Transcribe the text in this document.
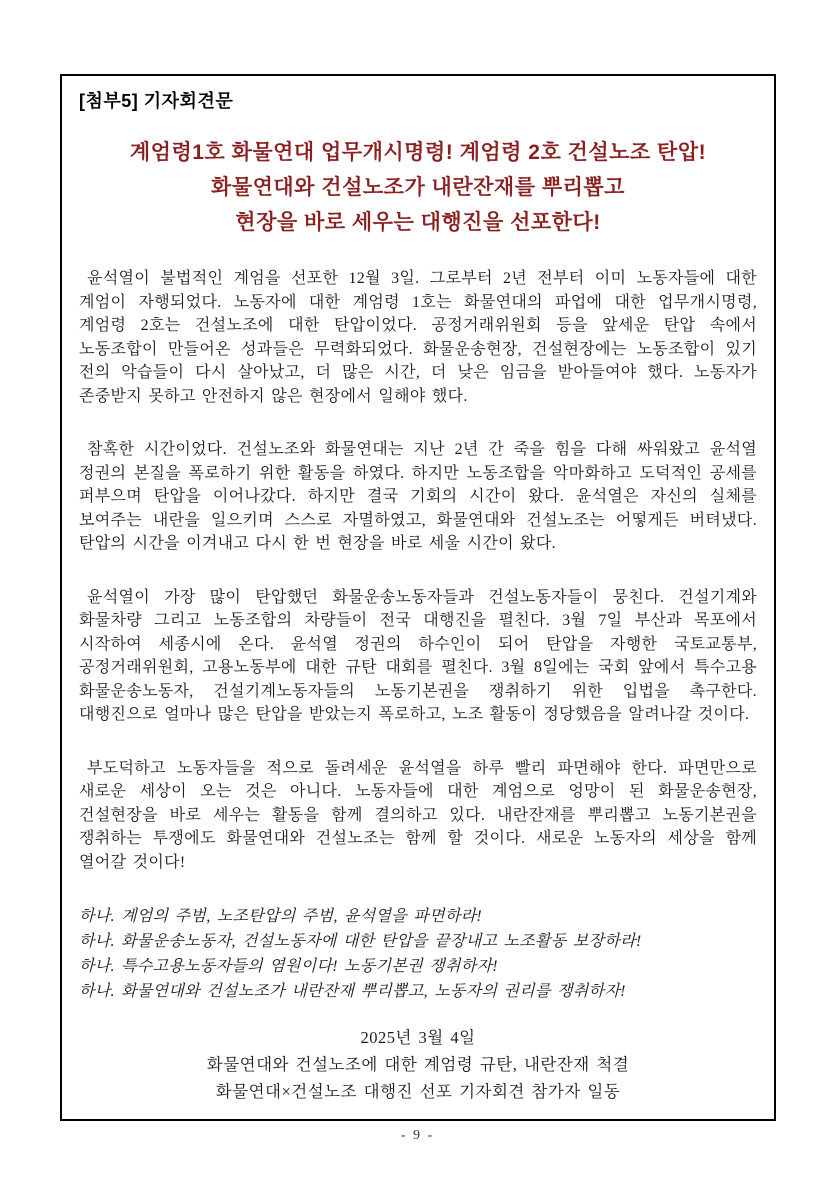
[첨부5] 기자회견문
계엄령1호 화물연대 업무개시명령! 계엄령 2호 건설노조 탄압!
화물연대와 건설노조가 내란잔재를 뿌리뽑고
현장을 바로 세우는 대행진을 선포한다!

윤석열이 불법적인 계엄을 선포한 12월 3일. 그로부터 2년 전부터 이미 노동자들에 대한 계엄이 자행되었다. 노동자에 대한 계엄령 1호는 화물연대의 파업에 대한 업무개시명령, 계엄령 2호는 건설노조에 대한 탄압이었다. 공정거래위원회 등을 앞세운 탄압 속에서 노동조합이 만들어온 성과들은 무력화되었다. 화물운송현장, 건설현장에는 노동조합이 있기 전의 악습들이 다시 살아났고, 더 많은 시간, 더 낮은 임금을 받아들여야 했다. 노동자가 존중받지 못하고 안전하지 않은 현장에서 일해야 했다.

참혹한 시간이었다. 건설노조와 화물연대는 지난 2년 간 죽을 힘을 다해 싸워왔고 윤석열 정권의 본질을 폭로하기 위한 활동을 하였다. 하지만 노동조합을 악마화하고 도덕적인 공세를 퍼부으며 탄압을 이어나갔다. 하지만 결국 기회의 시간이 왔다. 윤석열은 자신의 실체를 보여주는 내란을 일으키며 스스로 자멸하였고, 화물연대와 건설노조는 어떻게든 버텨냈다. 탄압의 시간을 이겨내고 다시 한 번 현장을 바로 세울 시간이 왔다.

윤석열이 가장 많이 탄압했던 화물운송노동자들과 건설노동자들이 뭉친다. 건설기계와 화물차량 그리고 노동조합의 차량들이 전국 대행진을 펼친다. 3월 7일 부산과 목포에서 시작하여 세종시에 온다. 윤석열 정권의 하수인이 되어 탄압을 자행한 국토교통부, 공정거래위원회, 고용노동부에 대한 규탄 대회를 펼친다. 3월 8일에는 국회 앞에서 특수고용 화물운송노동자, 건설기계노동자들의 노동기본권을 쟁취하기 위한 입법을 촉구한다. 대행진으로 얼마나 많은 탄압을 받았는지 폭로하고, 노조 활동이 정당했음을 알려나갈 것이다.

부도덕하고 노동자들을 적으로 돌려세운 윤석열을 하루 빨리 파면해야 한다. 파면만으로 새로운 세상이 오는 것은 아니다. 노동자들에 대한 계엄으로 엉망이 된 화물운송현장, 건설현장을 바로 세우는 활동을 함께 결의하고 있다. 내란잔재를 뿌리뽑고 노동기본권을 쟁취하는 투쟁에도 화물연대와 건설노조는 함께 할 것이다. 새로운 노동자의 세상을 함께 열어갈 것이다!

하나. 계엄의 주범, 노조탄압의 주범, 윤석열을 파면하라!
하나. 화물운송노동자, 건설노동자에 대한 탄압을 끝장내고 노조활동 보장하라!
하나. 특수고용노동자들의 염원이다! 노동기본권 쟁취하자!
하나. 화물연대와 건설노조가 내란잔재 뿌리뽑고, 노동자의 권리를 쟁취하자!
2025년 3월 4일
화물연대와 건설노조에 대한 계엄령 규탄, 내란잔재 척결
화물연대×건설노조 대행진 선포 기자회견 참가자 일동
- 9 -
